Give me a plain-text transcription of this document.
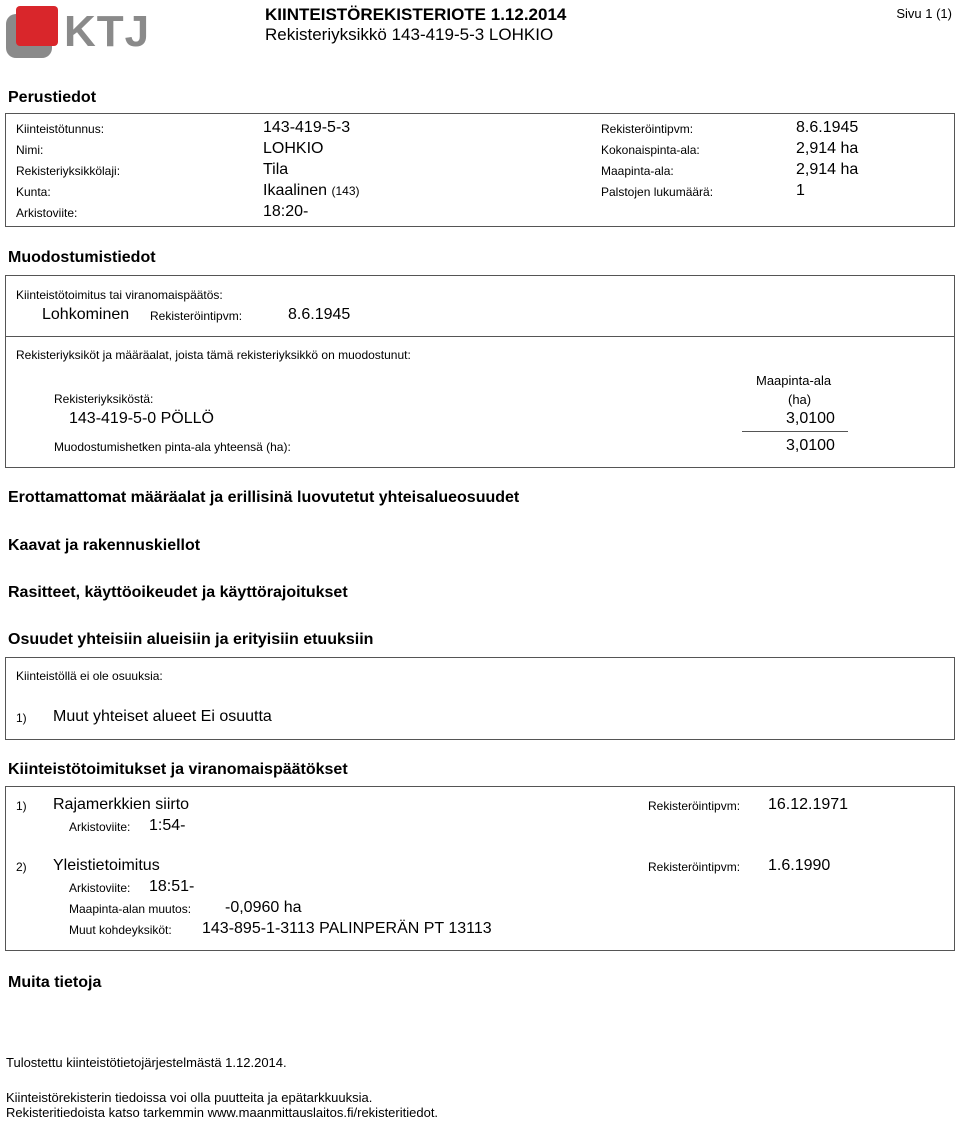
KTJ	KIINTEISTÖREKISTERIOTE 1.12.2014
Rekisteriyksikkö 143-419-5-3 LOHKIO
Sivu 1 (1)
Perustiedot
Kiinteistötunnus:	143-419-5-3
Nimi:	LOHKIO
Rekisteriyksikkölaji:	Tila
Kunta:	Ikaalinen (143)
Arkistoviite:	18:20-
Rekisteröintipvm:	8.6.1945
Kokonaispinta-ala:	2,914 ha
Maapinta-ala:	2,914 ha
Palstojen lukumäärä:	1
Muodostumistiedot
Kiinteistötoimitus tai viranomaispäätös:
Lohkominen Rekisteröintipvm:	8.6.1945
Rekisteriyksiköt ja määräalat, joista tämä rekisteriyksikkö on muodostunut:
Maapinta-ala
(ha)
Rekisteriyksiköstä:
143-419-5-0 PÖLLÖ	3,0100
Muodostumishetken pinta-ala yhteensä (ha):	3,0100
Erottamattomat määräalat ja erillisinä luovutetut yhteisalueosuudet
Kaavat ja rakennuskiellot
Rasitteet, käyttöoikeudet ja käyttörajoitukset
Osuudet yhteisiin alueisiin ja erityisiin etuuksiin
Kiinteistöllä ei ole osuuksia:
1) Muut yhteiset alueet Ei osuutta
Kiinteistötoimitukset ja viranomaispäätökset
1) Rajamerkkien siirto	Rekisteröintipvm: 16.12.1971
Arkistoviite: 1:54-
2) Yleistietoimitus	Rekisteröintipvm: 1.6.1990
Arkistoviite: 18:51-
Maapinta-alan muutos: -0,0960 ha
Muut kohdeyksiköt: 143-895-1-3113 PALINPERÄN PT 13113
Muita tietoja
Tulostettu kiinteistötietojärjestelmästä 1.12.2014.
Kiinteistörekisterin tiedoissa voi olla puutteita ja epätarkkuuksia.
Rekisteritiedoista katso tarkemmin www.maanmittauslaitos.fi/rekisteritiedot.
